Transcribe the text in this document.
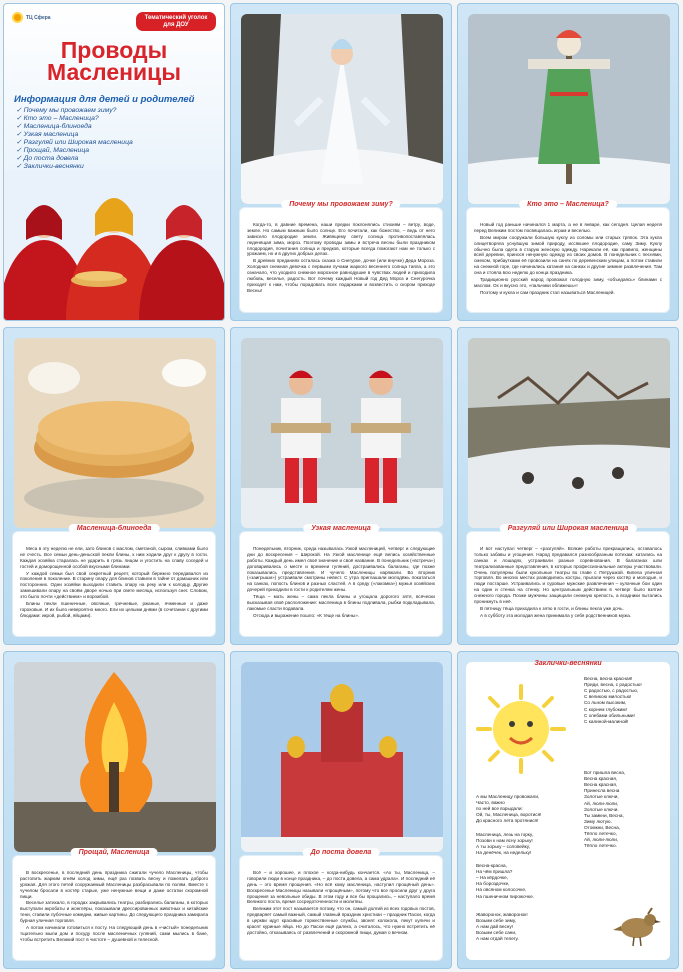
ТЦ Сфера	Тематический уголок для ДОУ
Проводы
Масленицы
Информация для детей и родителей
✓ Почему мы провожаем зиму?
✓ Кто это – Масленица?
✓ Масленица-блиноеда
✓ Узкая масленица
✓ Разгуляй или Широкая масленица
✓ Прощай, Масленица
✓ До поста довела
✓ Заклички-веснянки
Почему мы провожаем зиму?

Когда-то, в давние времена, наши предки поклонялись стихиям – ветру, воде, земле. Но самым важным было солнце. Его почитали, как божество, – ведь от него зависело плодородие земли. Живящему свету солнца противопоставлялась леденящая зима, мороз. Поэтому проводы зимы и встреча весны были праздником плодородия, почитания солнца и предков, которые всегда помогают нам не только с урожаем, но и в других добрых делах.

В древних преданиях осталась сказка о Снегурке, дочке (или внучке) Деда Мороза. Холодная снежная девочка с первыми лучами жаркого весеннего солнца таяла, а это означало, что уходило снежное морозное равнодушие в чувствах людей и приходила любовь, веселье, радость. Вот почему каждый Новый год Дед Мороз и Снегурочка приходят к нам, чтобы порадовать всех подарками и возвестить о скором приходе Весны!

Кто это – Масленица?

Новый год раньше начинался 1 марта, а не в январе, как сегодня. Целая неделя перед Великим постом посвящалась играм и веселью.

Всем миром сооружали большую куклу из соломы или старых тряпок. Эта кукла олицетворяла уснувшую зимой природу, иссякшее плодородие, саму Зиму. Куклу обычно была одета в старую женскую одежду. Нарекали её, как правило, женщины всей деревни, принося ненужную одежду из своих домов. В понедельник с песнями, смехом, прибаутками её провозили на санях по деревенским улицам, а потом ставили на снежной горе, где начинались катания на санках и другие зимние развлечения. Там она и стояла всю неделю до конца праздника.

Традиционно русский народ провожал голодную зиму, «объедаясь» блинами с маслом. Ох и вкусно это, «пальчики оближешь»!

Поэтому и кукла и сам праздник стал называться Масленицей.

Масленица-блиноеда

Меса в эту неделю не ели, зато блинов с маслом, сметаной, сыром, сливками было не счесть. Все семьи день-деньской пекли блины, к ним ходили друг к другу в гости. Каждая хозяйка старалась не ударить в грязь лицом и угостить на славу соседей и гостей и доморощенной особой вкусными блинами.

У каждой семьи был свой секретный рецепт, который бережно передавался из поколения в поколение. В старину опару для блинов ставили в тайне от домашних или посторонних. Одни хозяйки выходили ставить опару на реку или к колодцу. Другие замешивали опару на своём дворе ночью при свете месяца, используя снег. Словом, это было почти «действием» и ворожбой.

Блины пекли пшеничные, овсяные, гречневые, ржаные, ячменные и даже гороховые. И их было невероятно много. Ели их целыми днями (в сочетании с другими блюдами: икрой, рыбой, яйцами).

Узкая масленица

Понедельник, вторник, среда называлась Узкой масленицей, четверг и следующие дни до воскресения – Широкой. На Узкой масленице ещё велись хозяйственные работы. Каждый день имел своё значение и своё название. В понедельник («встреча») договаривались о месте и времени гуляний, достраивались балаганы, где позже показывались представления. И чучело Масленицы наряжали. Во вторник («заигрыши») устраивали смотрины невест. С утра приглашали молодёжь покататься на санках, попость блинов и разных сластей. А в среду («лакомка») мужья хозяйских дочерей приходили в гости к родителям жены.

Тёща – мать жены – сама пекла блины и угощала дорогого зятя, всячески высказывая своё расположение: масленица в блины подливала, рыбки подкладывала, лакомые сласти подавала.

Отсюда и выражение пошло: «К тёще на блины».

Разгуляй или Широкая масленица

И вот наступал четверг – «разгуляй». Всякие работы прекращались, оставалось только забавы и угощения. Народ предавался разнообразным потехам: катались на санках и лошадях, устраивали разные соревнования. В балаганах шли театрализованные представления, в которых профессиональные актеры участвовали. Очень популярны были кукольные театры во главе с Петрушкой. Кипела уличная торговля. Во многих местах разводились костры, прыгали через костёр и молодые, и люди постарше. Устраивались и суровые мужские развлечения – кулачные бои один на один и стенка на стенку. Но центральным действием в четверг было взятие снежного города. Позже мужчины защищали снежную крепость, а всадники пытались проникнуть в неё.

В пятницу тёща приходила к зятю в гости, и блины пекла уже дочь.

А в субботу эта молодая жена принимала у себя родственников мужа.

Прощай, Масленица

В воскресенье, в последний день праздника сжигали чучело Масленицы, чтобы растопить жарким огнём холод зимы, ещё раз позвать весну и пожелать доброго урожая. Для этого петей сооружаемый Масленицы разбрасывали по полям. Вместе с чучелом бросали в костёр старые, уже ненужные вещи и даже остатки скоромной пищи.

Веселье затихало, в городах закрывались театры, разбирались балаганы, в которых выступали акробаты и жонглёры, показывали дрессированных животных и китайские тени, ставили лубочные комедии, живые картины. До следующего праздника замирала бурная уличная торговля.

А потом начинали готовиться к посту. На следующий день в «чистый» понедельник тщательно мыли дом и посуду после масленичных гуляний, сами мылись в бане, чтобы встретить Великий пост в чистоте – душевной и телесной.

До поста довела

Всё – и хорошее, и плохое – когда-нибудь кончается. «Ах ты, Масленица, – говорили люди в конце праздника, – до поста довела, а сама удрала». И последний её день – это время прощения. «Но всё кому масленица, наступил прощёный день». Воскресенье Масленицы называли «прощёным», потому что все просили друг у друга прощения за невольные обиды. В этом году и все бы прощались, – наступало время Великого поста, время сосредоточенности и молитвы.

Великим этот пост называется потому, что он, самый долгий из всех годовых постов, предваряет самый важный, самый главный праздник христиан – праздник Пасхи, когда в церкви идут красивые торжественные службы, звонят колокола, пекут куличи и красят куриные яйца. Но до Пасхи ещё далеко, а считалось, что нужно встретить её достойно, отказываясь от развлечений и скоромной пищи, думая о вечном.

Заклички-веснянки
Весна, весна красная!
Приди, весна, с радостью!
С радостью, с радостью,
С великою милостью!
Со льном высоким,
С корнем глубоким!
С хлебами обильными!
С калиной-малиной!
А мы Масленицу провожали,
Часто, важно
по ней все взрыдали:
Ой, ты, Масленица, воротися!
До красного лета протянися!
Масленица, лезь на горку,
Позови к нам ясну зорьку!
А ты зорьку – соловейку,
На денёчек, на недельку!
Весна-красна,
На чём пришла?
– На кёрдочке,
На бороздочке,
На овсяном колосочке,
На пшеничном пирожочке.
Жаворонок, жаворонок!
Возьми себе зиму,
А нам дай весну!
Возьми себе сани,
А нам отдай телегу.
Вот пришла весна,
Весна красная,
Весна красная,
Принесла весна
Золотые ключи,
Ай, люли-люли,
Золотые ключи.
Ты замкни, Весна,
Зиму лютую.
Отомкни, Весна,
Тёпло летечко,
Ай, люли-люли,
Тёпло летечко.
